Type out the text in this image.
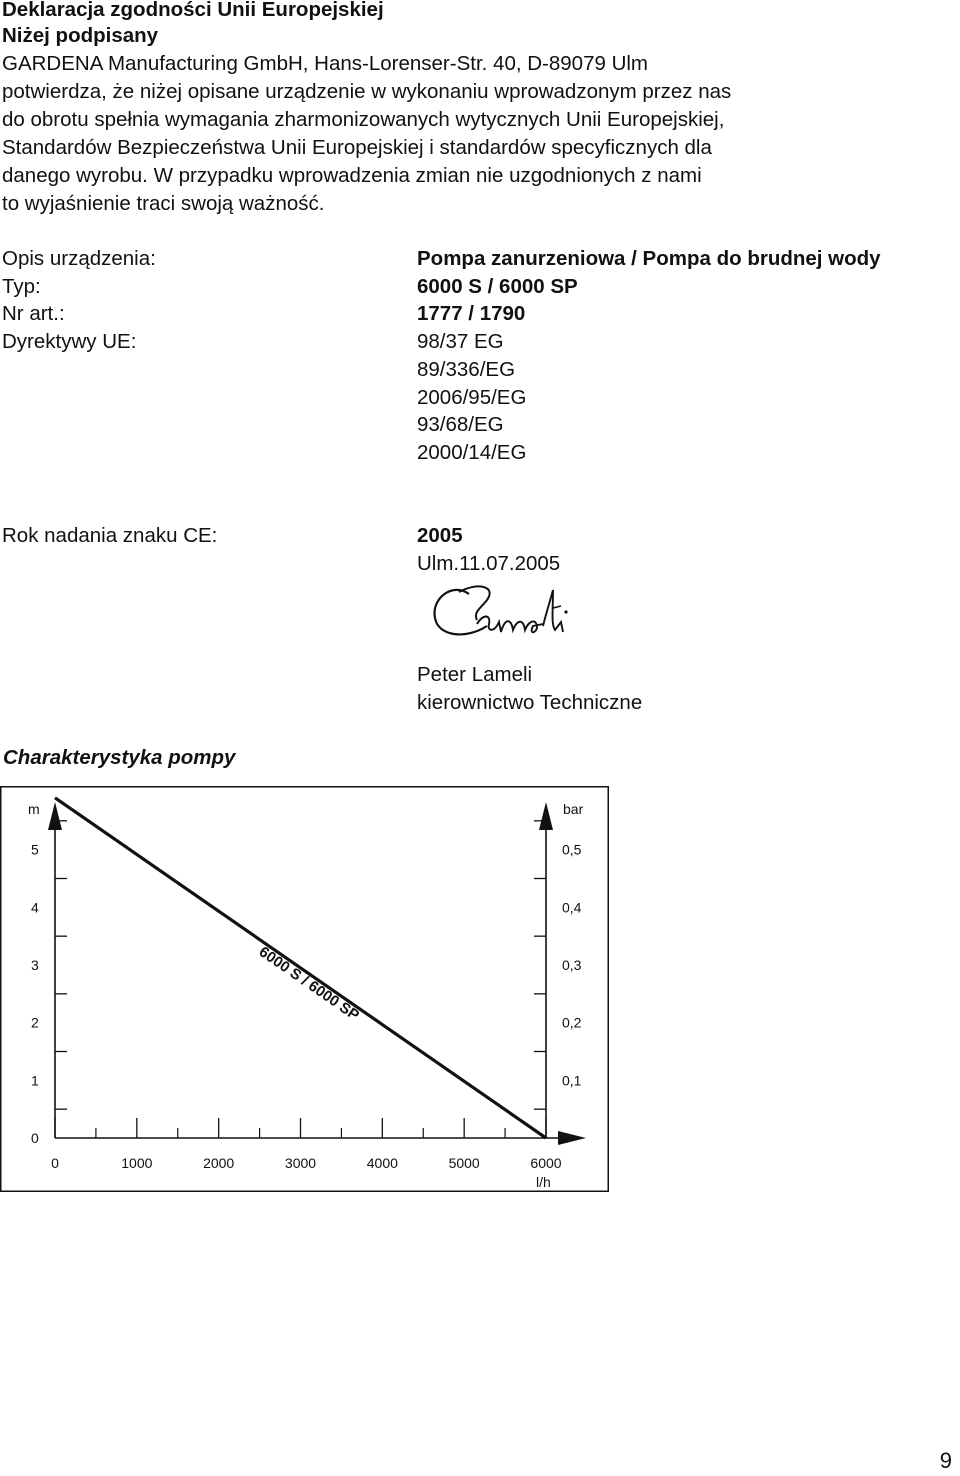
Deklaracja zgodności Unii Europejskiej
Niżej podpisany
GARDENA Manufacturing GmbH, Hans-Lorenser-Str. 40, D-89079 Ulm
potwierdza, że niżej opisane urządzenie w wykonaniu wprowadzonym przez nas
do obrotu spełnia wymagania zharmonizowanych wytycznych Unii Europejskiej,
Standardów Bezpieczeństwa Unii Europejskiej i standardów specyficznych dla
danego wyrobu. W przypadku wprowadzenia zmian nie uzgodnionych z nami
to wyjaśnienie traci swoją ważność.
Opis urządzenia:	Pompa zanurzeniowa / Pompa do brudnej wody
Typ:	6000 S / 6000 SP
Nr art.:	1777 / 1790
Dyrektywy UE:	98/37 EG
89/336/EG
2006/95/EG
93/68/EG
2000/14/EG
Rok nadania znaku CE:	2005
Ulm.11.07.2005
Peter Lameli
kierownictwo Techniczne
Charakterystyka pompy
0
1
2
3
4
5
0,1
0,2
0,3
0,4
0,5
0	1000	2000	3000	4000	5000	6000
m	bar
l/h
6000 S / 6000 SP
9
